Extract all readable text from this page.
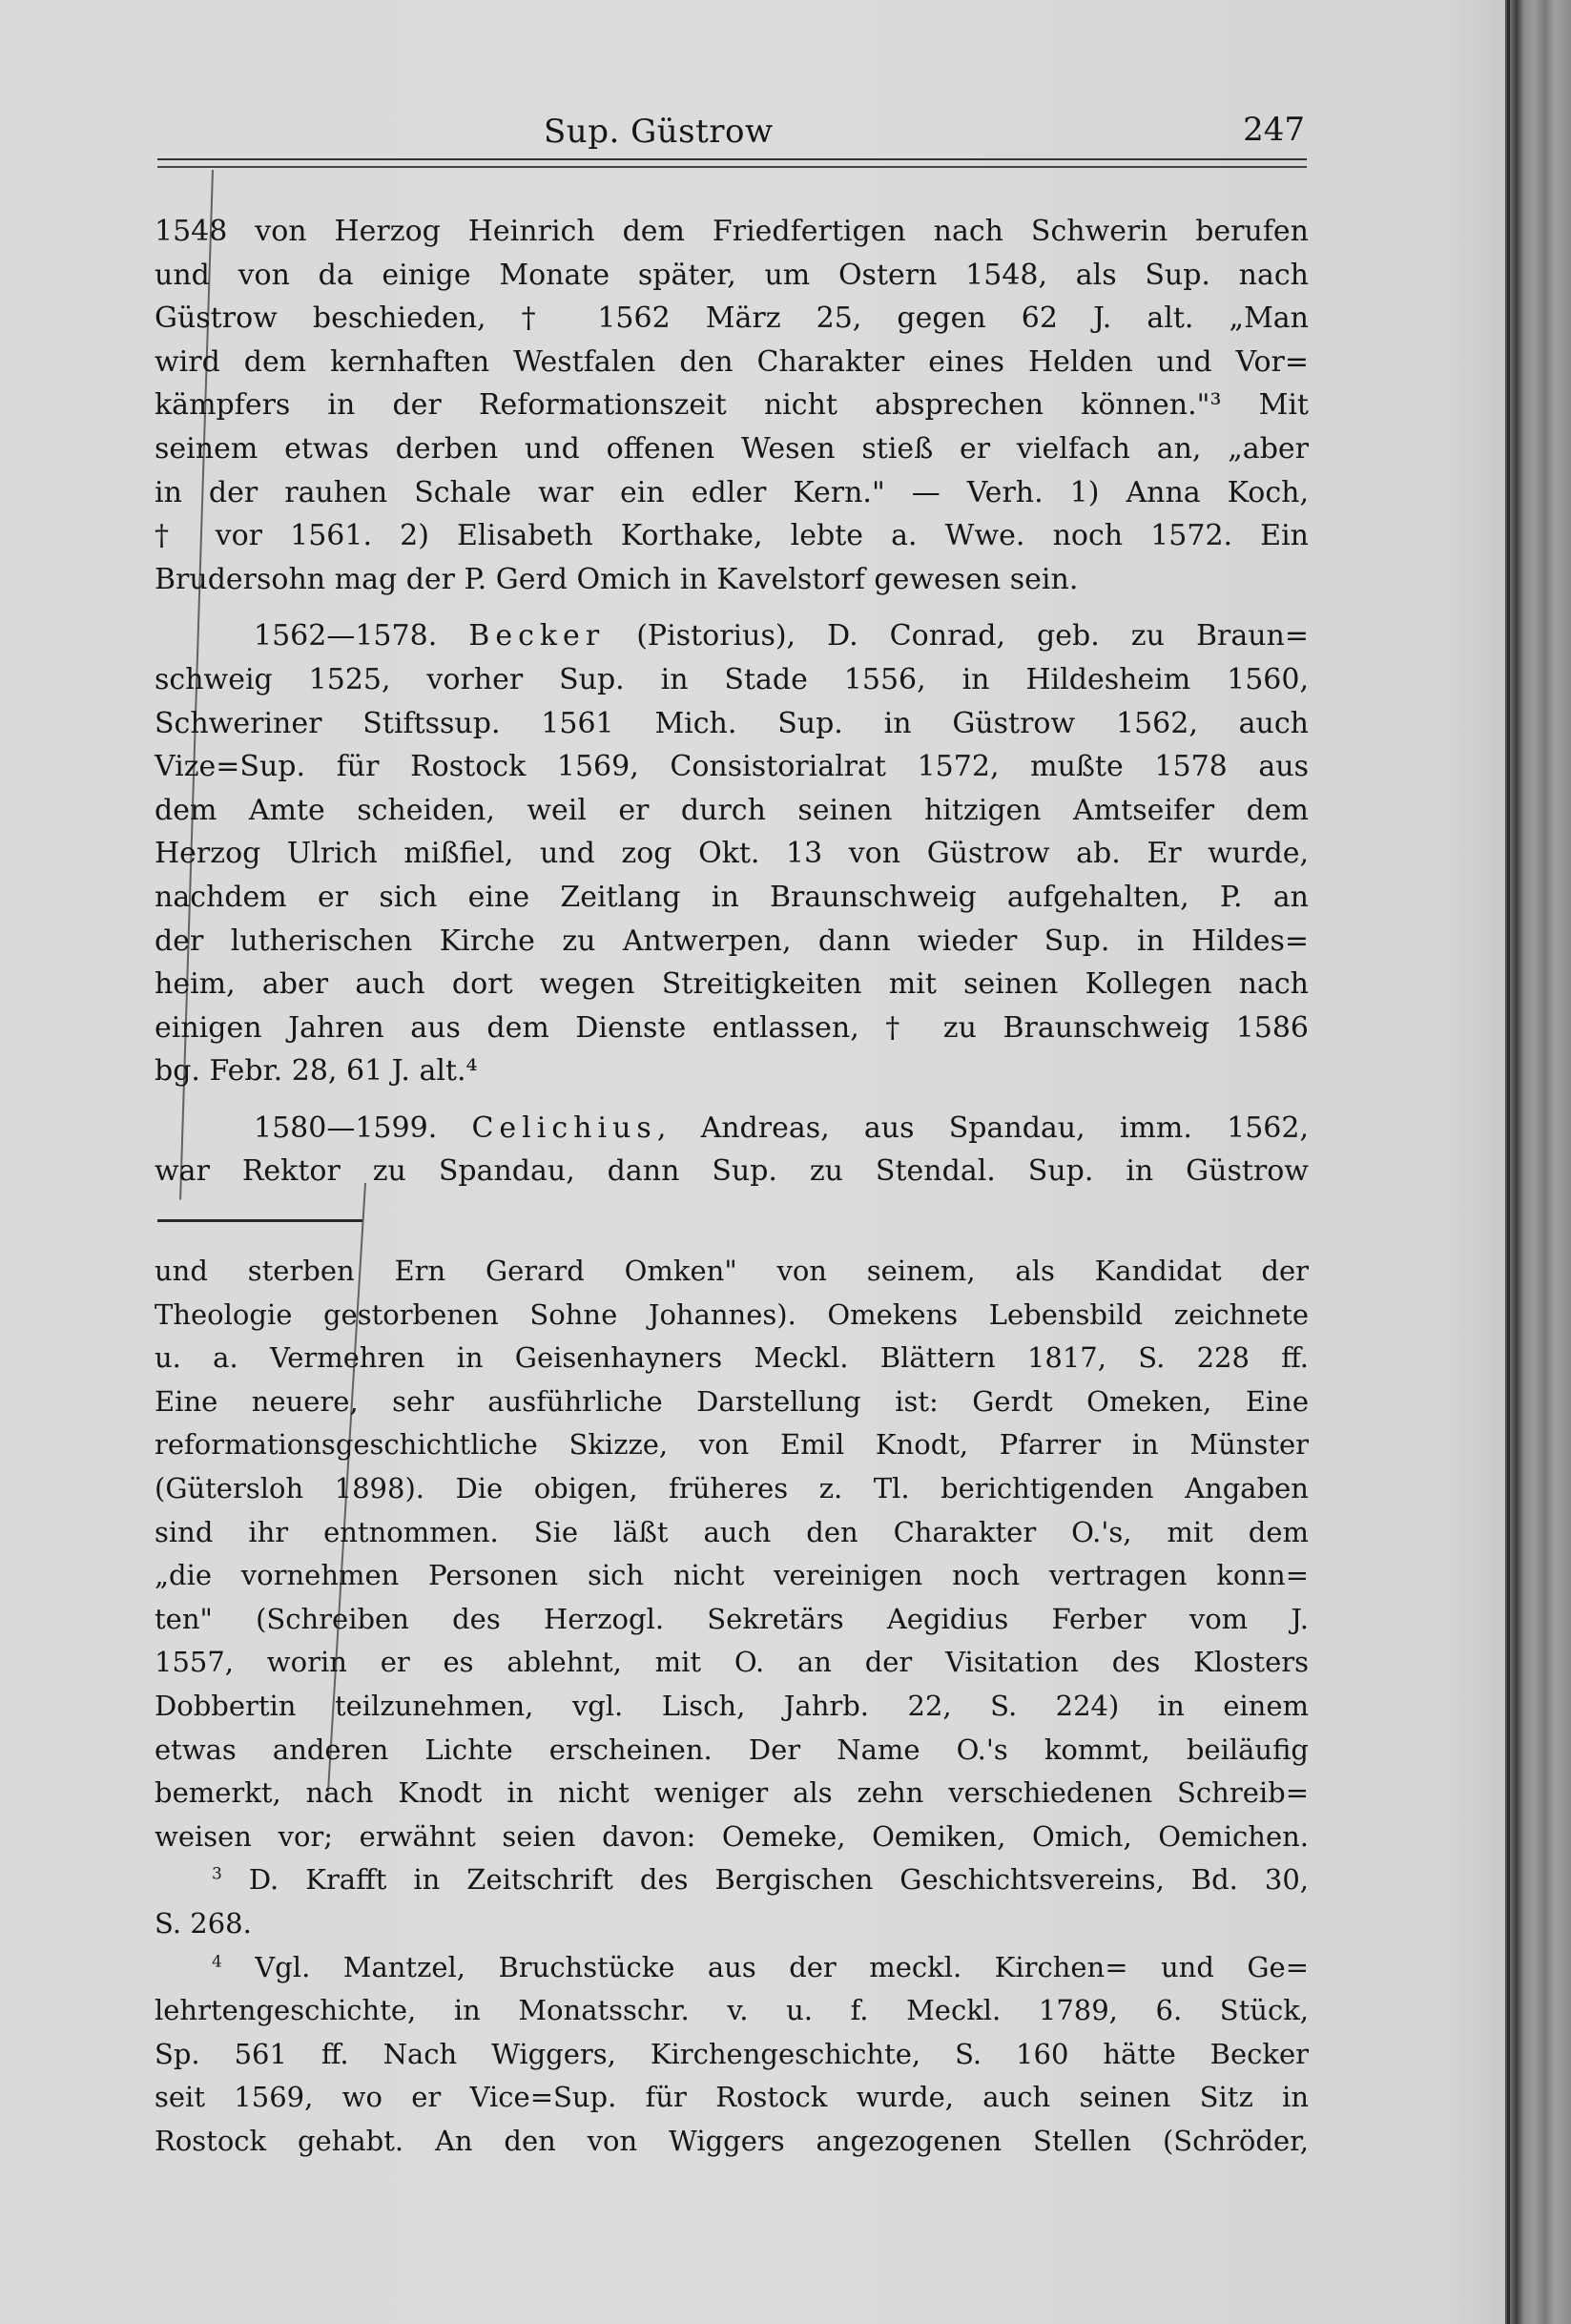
Sup. Güstrow	247
1548 von Herzog Heinrich dem Friedfertigen nach Schwerin berufen
und von da einige Monate später, um Ostern 1548, als Sup. nach
Güstrow beschieden, † 1562 März 25, gegen 62 J. alt. „Man
wird dem kernhaften Westfalen den Charakter eines Helden und Vor=
kämpfers in der Reformationszeit nicht absprechen können."³ Mit
seinem etwas derben und offenen Wesen stieß er vielfach an, „aber
in der rauhen Schale war ein edler Kern." — Verh. 1) Anna Koch,
† vor 1561. 2) Elisabeth Korthake, lebte a. Wwe. noch 1572. Ein
Brudersohn mag der P. Gerd Omich in Kavelstorf gewesen sein.
1562—1578. Becker (Pistorius), D. Conrad, geb. zu Braun=
schweig 1525, vorher Sup. in Stade 1556, in Hildesheim 1560,
Schweriner Stiftssup. 1561 Mich. Sup. in Güstrow 1562, auch
Vize=Sup. für Rostock 1569, Consistorialrat 1572, mußte 1578 aus
dem Amte scheiden, weil er durch seinen hitzigen Amtseifer dem
Herzog Ulrich mißfiel, und zog Okt. 13 von Güstrow ab. Er wurde,
nachdem er sich eine Zeitlang in Braunschweig aufgehalten, P. an
der lutherischen Kirche zu Antwerpen, dann wieder Sup. in Hildes=
heim, aber auch dort wegen Streitigkeiten mit seinen Kollegen nach
einigen Jahren aus dem Dienste entlassen, † zu Braunschweig 1586
bg. Febr. 28, 61 J. alt.⁴
1580—1599. Celichius, Andreas, aus Spandau, imm. 1562,
war Rektor zu Spandau, dann Sup. zu Stendal. Sup. in Güstrow
und sterben Ern Gerard Omken" von seinem, als Kandidat der
Theologie gestorbenen Sohne Johannes). Omekens Lebensbild zeichnete
u. a. Vermehren in Geisenhayners Meckl. Blättern 1817, S. 228 ff.
Eine neuere, sehr ausführliche Darstellung ist: Gerdt Omeken, Eine
reformationsgeschichtliche Skizze, von Emil Knodt, Pfarrer in Münster
(Gütersloh 1898). Die obigen, früheres z. Tl. berichtigenden Angaben
sind ihr entnommen. Sie läßt auch den Charakter O.'s, mit dem
„die vornehmen Personen sich nicht vereinigen noch vertragen konn=
ten" (Schreiben des Herzogl. Sekretärs Aegidius Ferber vom J.
1557, worin er es ablehnt, mit O. an der Visitation des Klosters
Dobbertin teilzunehmen, vgl. Lisch, Jahrb. 22, S. 224) in einem
etwas anderen Lichte erscheinen. Der Name O.'s kommt, beiläufig
bemerkt, nach Knodt in nicht weniger als zehn verschiedenen Schreib=
weisen vor; erwähnt seien davon: Oemeke, Oemiken, Omich, Oemichen.
$^3$ D. Krafft in Zeitschrift des Bergischen Geschichtsvereins, Bd. 30,
S. 268.
$^4$ Vgl. Mantzel, Bruchstücke aus der meckl. Kirchen= und Ge=
lehrtengeschichte, in Monatsschr. v. u. f. Meckl. 1789, 6. Stück,
Sp. 561 ff. Nach Wiggers, Kirchengeschichte, S. 160 hätte Becker
seit 1569, wo er Vice=Sup. für Rostock wurde, auch seinen Sitz in
Rostock gehabt. An den von Wiggers angezogenen Stellen (Schröder,
